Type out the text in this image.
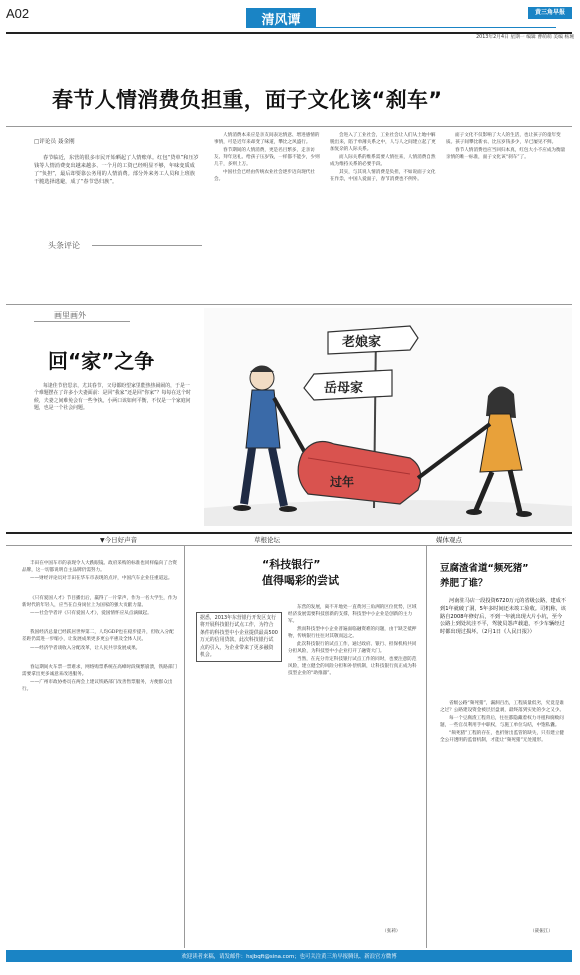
A02	清风谭
黄三角早报
2013年2月4日 星期一 编辑 曹萌萌 美编 杨琬
春节人情消费负担重，面子文化该“刹车”
□评论员 聂金刚

春节临近，东营的很多市民开始晒起了人情账单。红包“贷单”和压岁钱等人情消费变出越来越多、一个月的工资已经明显不够，年味变质成了“负担”，最后却要靠公务用的人情消费。部分外来务工人员和上班族干脆选择逃避，成了“春节恐归族”。

头条评论

人情消费本来应是亲友间表达情意、增进感情的事情，可是近年来却变了味道，攀比之风盛行。

春节期间的人情消费，更是名目繁多，走亲访友、拜年送礼、给孩子压岁钱，一样都不能少，少则几千，多则上万。

中国社会已经由传统农业社会逐步迈向现代社会。

会进入了工业社会，工业社会让人们从土地中解脱出来，陷于单薄关系之中，人与人之间建立起了更加复杂的人际关系。

而人际关系的维系需要人情往来，人情消费自然成为维持关系的必要手段。

其实，与其说人情消费是负担，不如说面子文化在作祟，中国人爱面子，春节消费也不例外。

面子文化不仅影响了大人的生活，也让孩子的童年变质。孩子间攀比新衣、比压岁钱多少，早已屡见不鲜。

春节人情消费也应当回归本真，红包大小不应成为衡量亲情的唯一标准，面子文化该“刹车”了。

画里画外
回“家”之争

每逢佳节倍思亲，尤其春节，父母都盼望家里能热热闹闹的，于是一个难题摆在了许多小夫妻面前：是回“我家”还是回“你家”？每每在这个时候，夫妻之间难免会有一些争执。小两口该如何平衡，不仅是一个家庭问题，也是一个社会问题。

老娘家
岳母家
过年
▼今日好声音	草根论坛	媒体观点
丰田在中国车市的表现令人大跌眼镜。政府采购的标准也同样偏向了合资品牌，这一切都说明自主品牌仍需努力。
——财经评论员对丰田在华车市表现的点评，中国汽车企业任重道远。
《只有爱国人才》节目播出后，赢得了一片掌声，作为一名大学生，作为新时代的年轻人，应当在自身岗位上为国家的强大贡献力量。
——社会学者评《只有爱国人才》，爱国情怀应从点滴做起。
我国经济总量已经跃居世界第二，人均GDP也在稳步提升，但收入分配差距仍需进一步缩小，让发展成果更多更公平惠及全体人民。
——经济学者谈收入分配改革，让人民共享发展成果。
春运期间火车票一票难求，网络购票系统在高峰时段频繁崩溃，铁路部门需要拿出更多诚意来改进服务。
——广州市政协委员在两会上建议铁路部门改善售票服务，方便群众出行。
“科技银行”
值得喝彩的尝试
据悉，2013年东营银行开发区支行将开展科技银行试点工作，为符合条件的科技型中小企业提供最高500万元的信用贷款，此次科技银行试点的引入，为企业带来了更多融资机会。

东营的发展，离不开地处一直黄河三角洲的区位优势，区域经济发展需要科技创新的支撑，科技型中小企业是创新的主力军。

然而科技型中小企业普遍面临融资难的问题，由于缺乏抵押物，传统银行往往对其敬而远之。

此次科技银行的试点工作，通过政府、银行、担保机构共同分担风险，为科技型中小企业打开了融资大门。

当然，在充分肯定科技银行试点工作的同时，也要注意防范风险，建立健全的风险分担和补偿机制，让科技银行真正成为科技型企业的“助推器”。

（张莉）
豆腐渣省道“频死猪”
养肥了谁？
河南驻马店一段投资6720万元的省级公路，建成不到1年就破了洞，5年多时间还未竣工验收。司机称，该路自2008年修好后，不到一年就出现大片小坑，至今公路上到处坑洼不平，驾驶员怨声载道，不少车辆经过时都出现过损坏。（2月1日《人民日报》）

省级公路“频死猪”，漏洞百出，工程质量低劣，究竟是谁之过？公路建设资金被层层盘剥，最终落到实处的少之又少。

每一个豆腐渣工程背后，往往都隐藏着权力寻租和腐败问题，一些官员利用手中职权，与施工单位勾结，中饱私囊。

“频死猪”工程的存在，也折射出监管的缺失，只有建立健全公开透明的监督机制，才能让“频死猪”无处遁形。

（聂振江）
欢迎读者来稿，请发邮件：hsjbqft@sina.com；也可关注黄三角早报腾讯、新浪官方微博
